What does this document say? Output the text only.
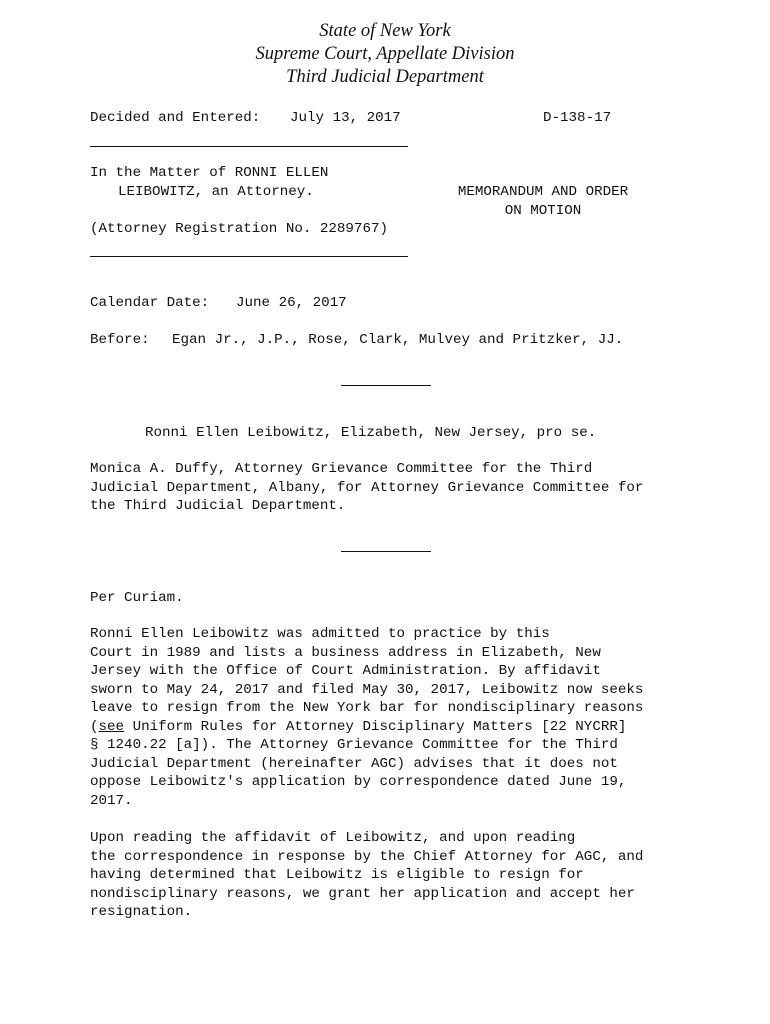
State of New York
Supreme Court, Appellate Division
Third Judicial Department
Decided and Entered: July 13, 2017	D-138-17
In the Matter of RONNI ELLEN
LEIBOWITZ, an Attorney.	MEMORANDUM AND ORDER
ON MOTION
(Attorney Registration No. 2289767)
Calendar Date: June 26, 2017
Before: Egan Jr., J.P., Rose, Clark, Mulvey and Pritzker, JJ.
Ronni Ellen Leibowitz, Elizabeth, New Jersey, pro se.
Monica A. Duffy, Attorney Grievance Committee for the Third
Judicial Department, Albany, for Attorney Grievance Committee for
the Third Judicial Department.
Per Curiam.
Ronni Ellen Leibowitz was admitted to practice by this
Court in 1989 and lists a business address in Elizabeth, New
Jersey with the Office of Court Administration. By affidavit
sworn to May 24, 2017 and filed May 30, 2017, Leibowitz now seeks
leave to resign from the New York bar for nondisciplinary reasons
(see Uniform Rules for Attorney Disciplinary Matters [22 NYCRR]
§ 1240.22 [a]). The Attorney Grievance Committee for the Third
Judicial Department (hereinafter AGC) advises that it does not
oppose Leibowitz's application by correspondence dated June 19,
2017.
Upon reading the affidavit of Leibowitz, and upon reading
the correspondence in response by the Chief Attorney for AGC, and
having determined that Leibowitz is eligible to resign for
nondisciplinary reasons, we grant her application and accept her
resignation.
